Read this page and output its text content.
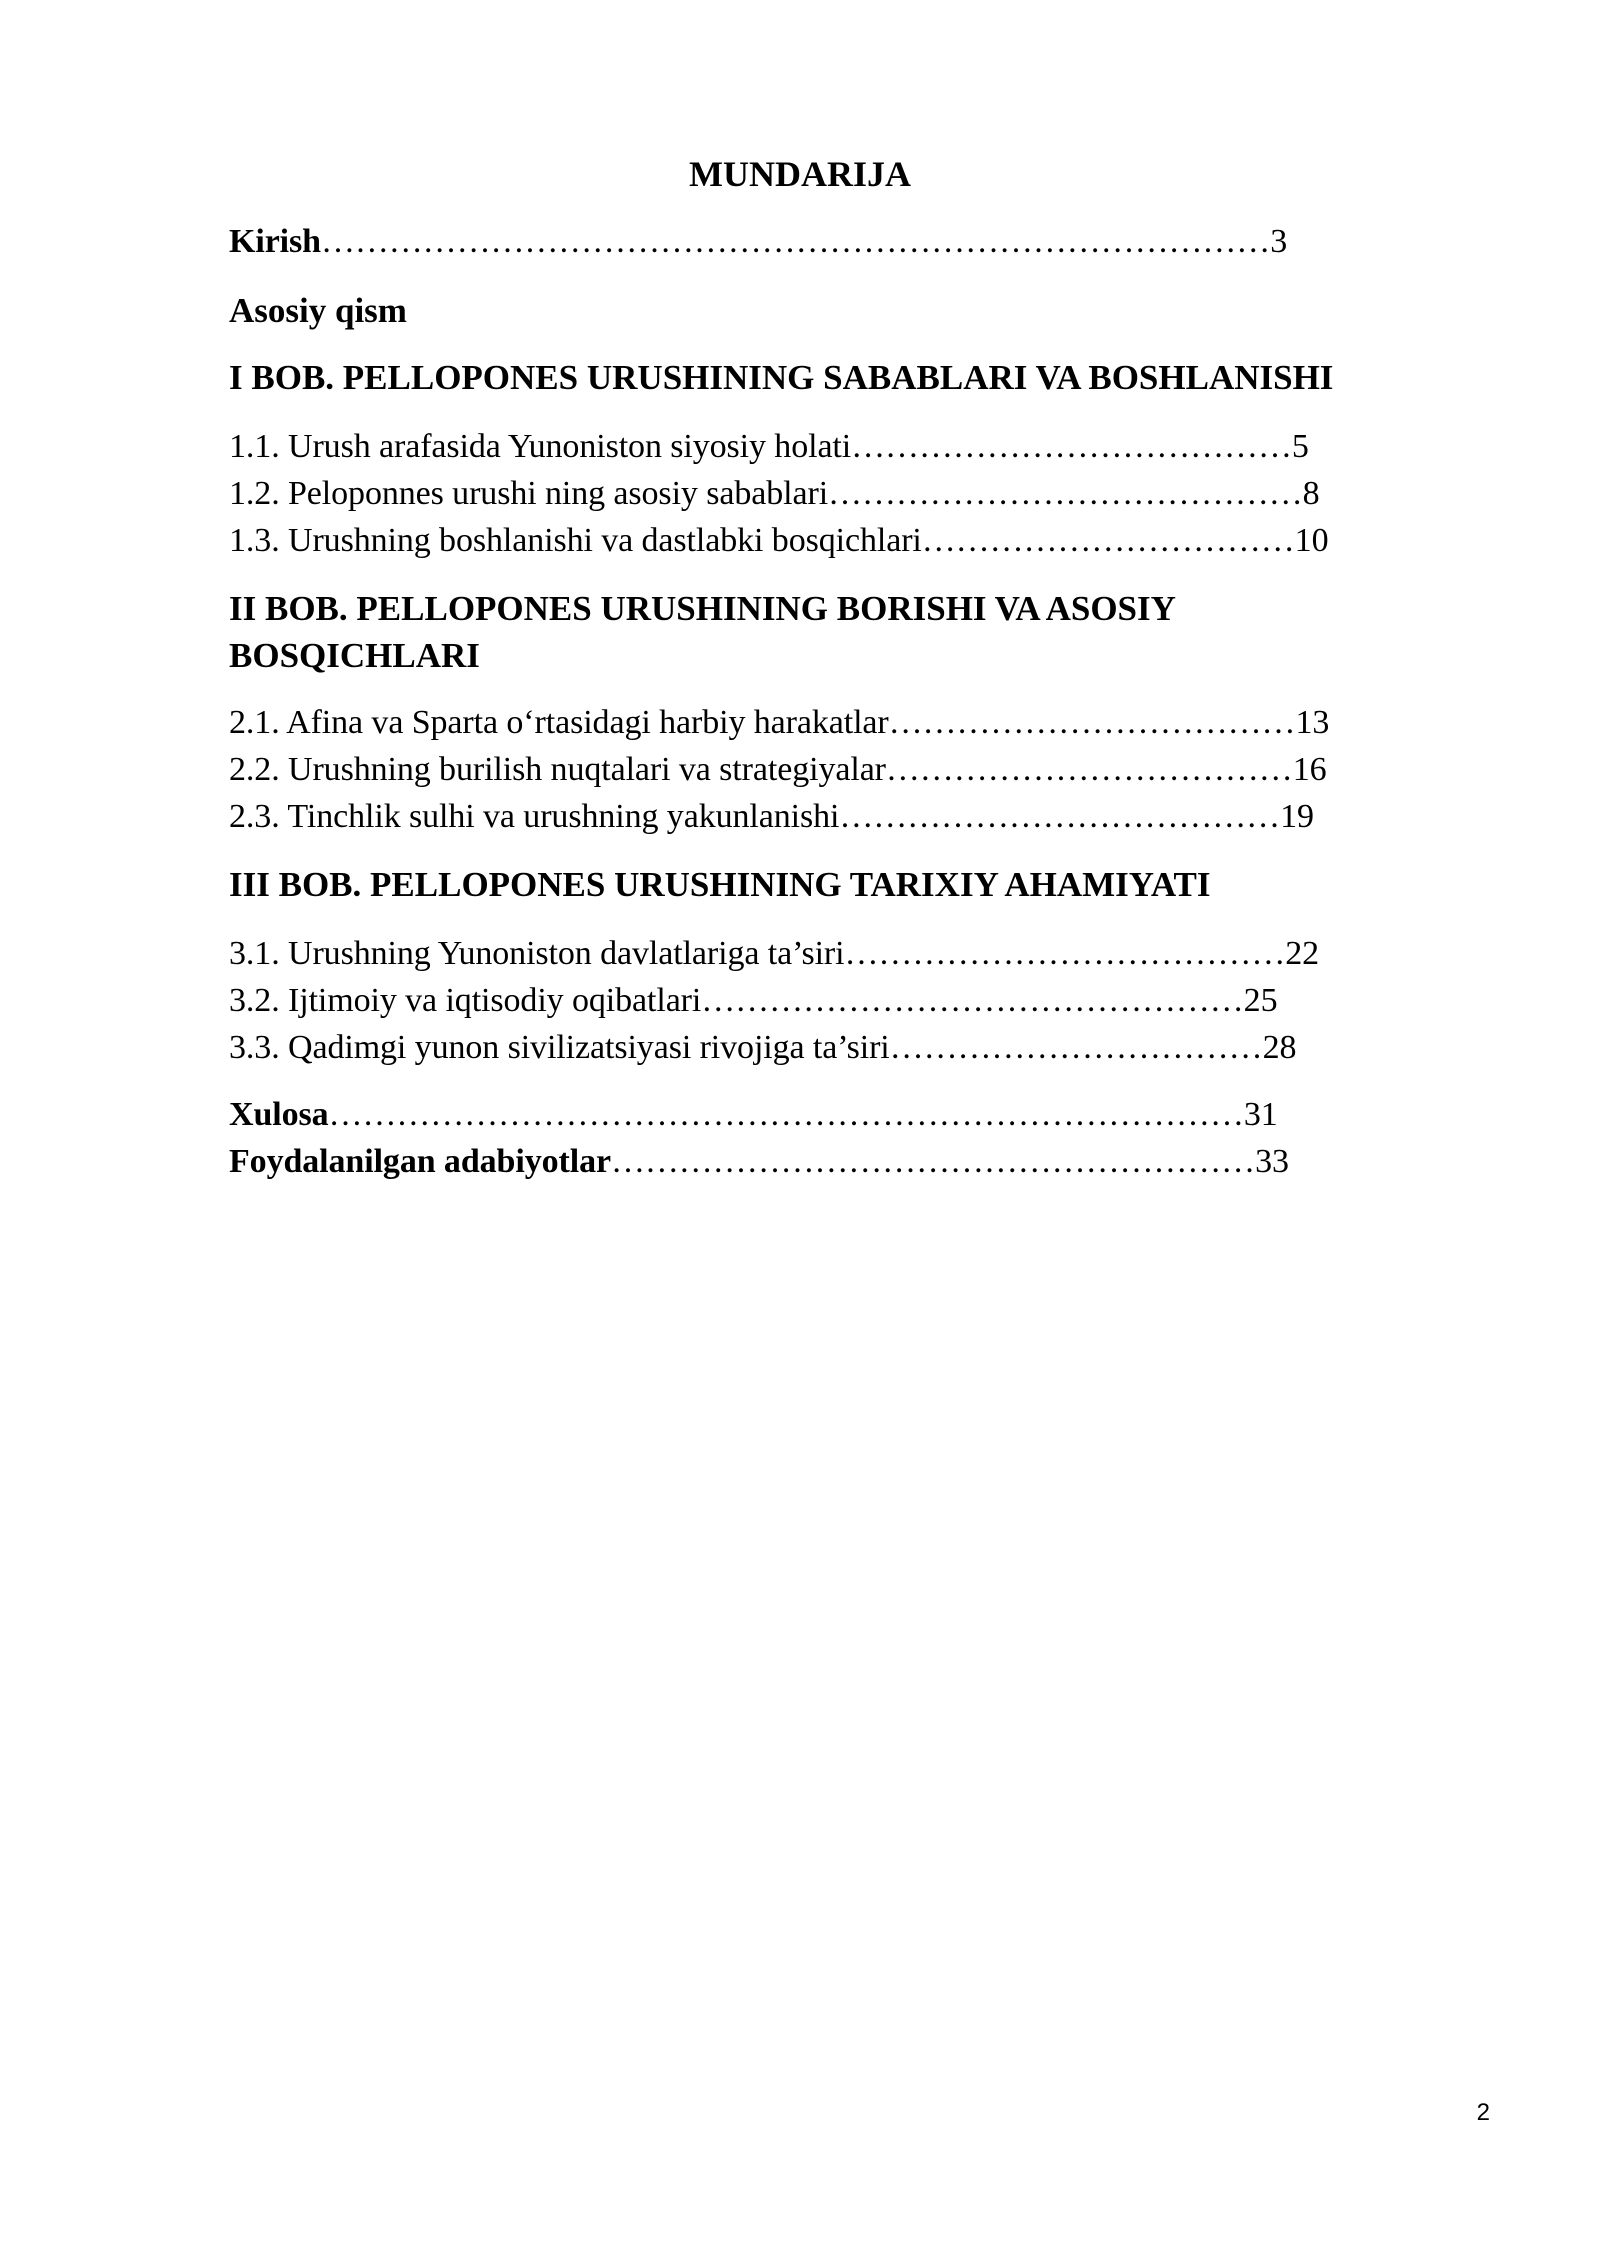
MUNDARIJA
Kirish…………………………………………………………………………3
Asosiy qism
I BOB. PELLOPONES URUSHINING SABABLARI VA BOSHLANISHI
1.1. Urush arafasida Yunoniston siyosiy holati…………………………………5
1.2. Peloponnes urushi ning asosiy sabablari……………………………………8
1.3. Urushning boshlanishi va dastlabki bosqichlari……………………………10
II BOB. PELLOPONES URUSHINING BORISHI VA ASOSIY
BOSQICHLARI
2.1. Afina va Sparta o‘rtasidagi harbiy harakatlar………………………………13
2.2. Urushning burilish nuqtalari va strategiyalar………………………………16
2.3. Tinchlik sulhi va urushning yakunlanishi…………………………………19
III BOB. PELLOPONES URUSHINING TARIXIY AHAMIYATI
3.1. Urushning Yunoniston davlatlariga ta’siri…………………………………22
3.2. Ijtimoiy va iqtisodiy oqibatlari…………………………………………25
3.3. Qadimgi yunon sivilizatsiyasi rivojiga ta’siri……………………………28
Xulosa………………………………………………………………………31
Foydalanilgan adabiyotlar…………………………………………………33
2
